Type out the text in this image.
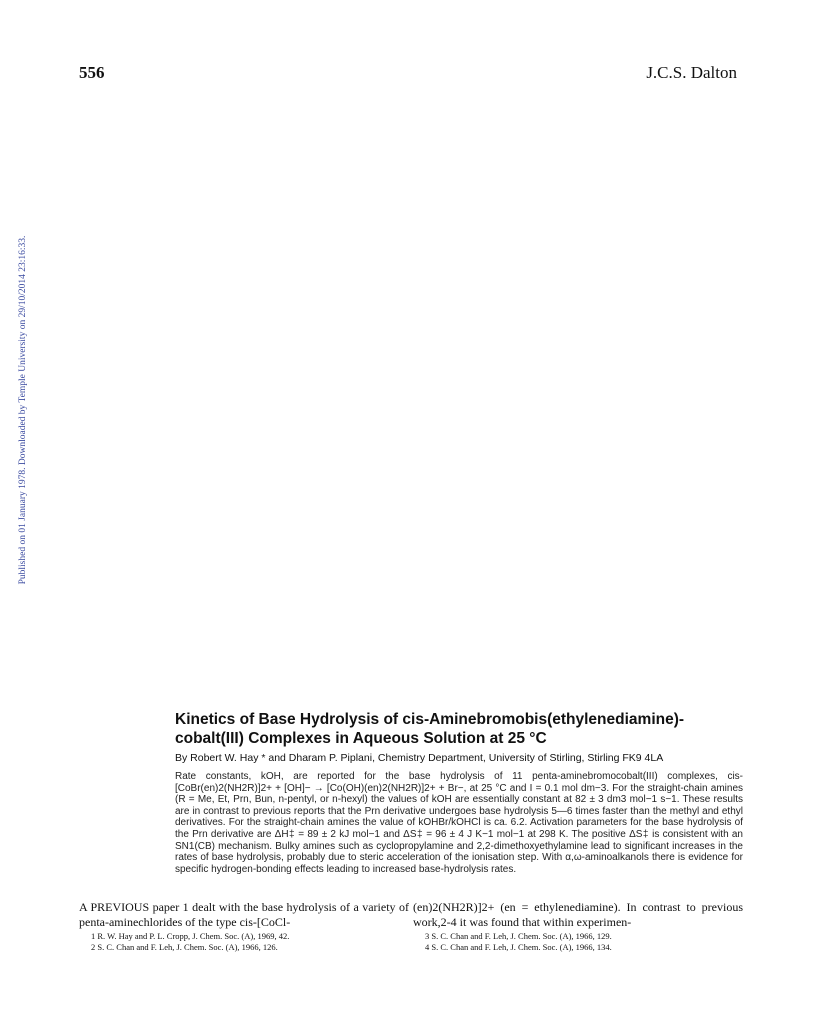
556	J.C.S. Dalton
Published on 01 January 1978. Downloaded by Temple University on 29/10/2014 23:16:33.
Kinetics of Base Hydrolysis of cis-Aminebromobis(ethylenediamine)-cobalt(III) Complexes in Aqueous Solution at 25 °C
By Robert W. Hay * and Dharam P. Piplani, Chemistry Department, University of Stirling, Stirling FK9 4LA
Rate constants, kOH, are reported for the base hydrolysis of 11 penta-aminebromocobalt(III) complexes, cis-[CoBr(en)2(NH2R)]2+ + [OH]− → [Co(OH)(en)2(NH2R)]2+ + Br−, at 25 °C and I = 0.1 mol dm−3. For the straight-chain amines (R = Me, Et, Prn, Bun, n-pentyl, or n-hexyl) the values of kOH are essentially constant at 82 ± 3 dm3 mol−1 s−1. These results are in contrast to previous reports that the Prn derivative undergoes base hydrolysis 5—6 times faster than the methyl and ethyl derivatives. For the straight-chain amines the value of kOHBr/kOHCl is ca. 6.2. Activation parameters for the base hydrolysis of the Prn derivative are ΔH‡ = 89 ± 2 kJ mol−1 and ΔS‡ = 96 ± 4 J K−1 mol−1 at 298 K. The positive ΔS‡ is consistent with an SN1(CB) mechanism. Bulky amines such as cyclopropylamine and 2,2-dimethoxyethylamine lead to significant increases in the rates of base hydrolysis, probably due to steric acceleration of the ionisation step. With α,ω-aminoalkanols there is evidence for specific hydrogen-bonding effects leading to increased base-hydrolysis rates.

A PREVIOUS paper 1 dealt with the base hydrolysis of a variety of penta-aminechlorides of the type cis-[CoCl-

1 R. W. Hay and P. L. Cropp, J. Chem. Soc. (A), 1969, 42.
2 S. C. Chan and F. Leh, J. Chem. Soc. (A), 1966, 126.

(en)2(NH2R)]2+ (en = ethylenediamine). In contrast to previous work,2-4 it was found that within experimen-

3 S. C. Chan and F. Leh, J. Chem. Soc. (A), 1966, 129.
4 S. C. Chan and F. Leh, J. Chem. Soc. (A), 1966, 134.
